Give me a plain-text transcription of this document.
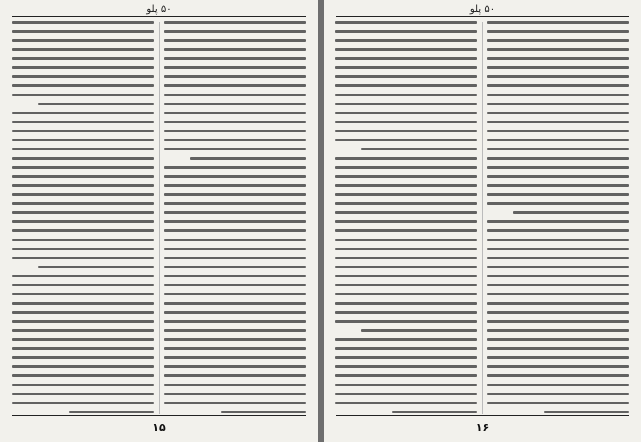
۵۰ پلو
۱۵
۵۰ پلو
۱۶
